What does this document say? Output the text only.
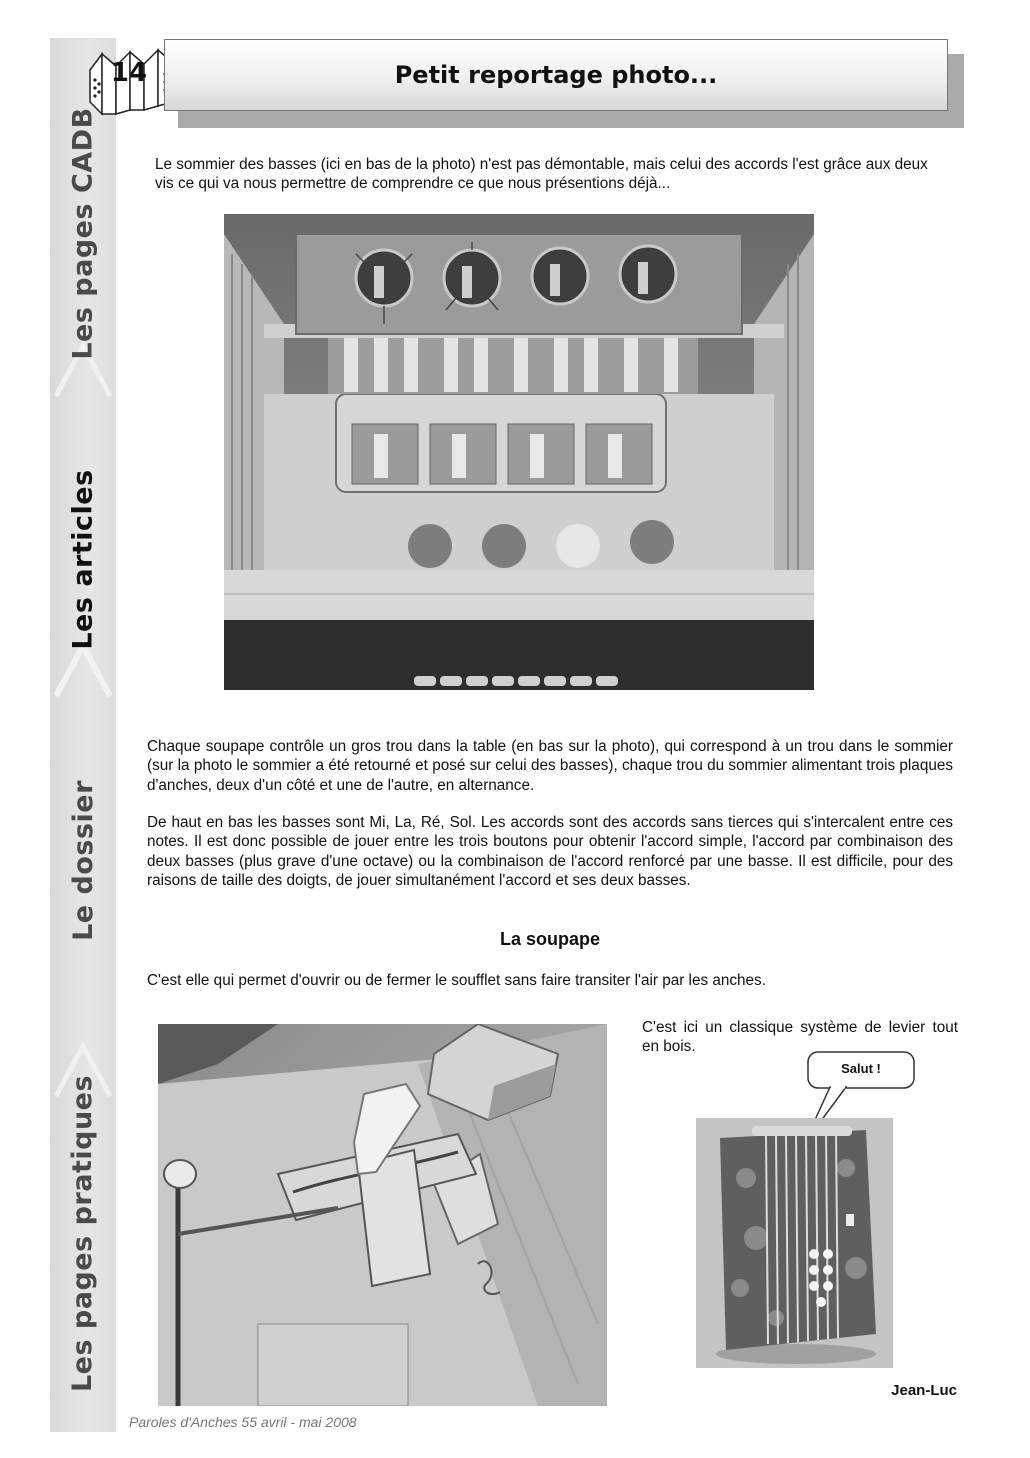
Les pages CADB
Les articles
Le dossier
Les pages pratiques
14	Petit reportage photo...
Le sommier des basses (ici en bas de la photo) n'est pas démontable, mais celui des accords l'est grâce aux deux vis ce qui va nous permettre de comprendre ce que nous présentions déjà...
Chaque soupape contrôle un gros trou dans la table (en bas sur la photo), qui correspond à un trou dans le sommier (sur la photo le sommier a été retourné et posé sur celui des basses), chaque trou du sommier alimentant trois plaques d'anches, deux d'un côté et une de l'autre, en alternance.
De haut en bas les basses sont Mi, La, Ré, Sol. Les accords sont des accords sans tierces qui s'intercalent entre ces notes. Il est donc possible de jouer entre les trois boutons pour obtenir l'accord simple, l'accord par combinaison des deux basses (plus grave d'une octave) ou la combinaison de l'accord renforcé par une basse. Il est difficile, pour des raisons de taille des doigts, de jouer simultanément l'accord et ses deux basses.
La soupape
C'est elle qui permet d'ouvrir ou de fermer le soufflet sans faire transiter l'air par les anches.
C'est ici un classique système de levier tout en bois.
Salut !
Jean-Luc
Paroles d'Anches 55 avril - mai 2008
